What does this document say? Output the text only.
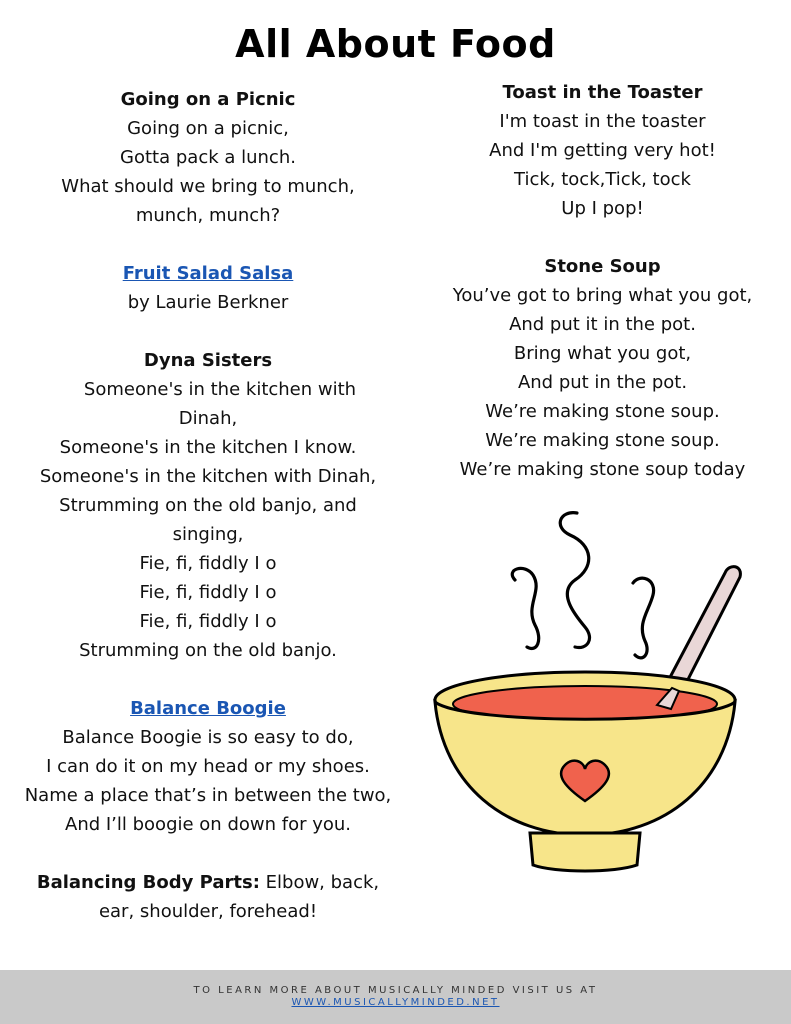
All About Food
Going on a Picnic
Going on a picnic,
Gotta pack a lunch.
What should we bring to munch,
munch, munch?
Fruit Salad Salsa
by Laurie Berkner
Dyna Sisters
Someone's in the kitchen with
Dinah,
Someone's in the kitchen I know.
Someone's in the kitchen with Dinah,
Strumming on the old banjo, and
singing,
Fie, fi, fiddly I o
Fie, fi, fiddly I o
Fie, fi, fiddly I o
Strumming on the old banjo.
Balance Boogie
Balance Boogie is so easy to do,
I can do it on my head or my shoes.
Name a place that’s in between the two,
And I’ll boogie on down for you.
Balancing Body Parts: Elbow, back,
ear, shoulder, forehead!
Toast in the Toaster
I'm toast in the toaster
And I'm getting very hot!
Tick, tock,Tick, tock
Up I pop!
Stone Soup
You’ve got to bring what you got,
And put it in the pot.
Bring what you got,
And put in the pot.
We’re making stone soup.
We’re making stone soup.
We’re making stone soup today
TO LEARN MORE ABOUT MUSICALLY MINDED VISIT US AT
WWW.MUSICALLYMINDED.NET
